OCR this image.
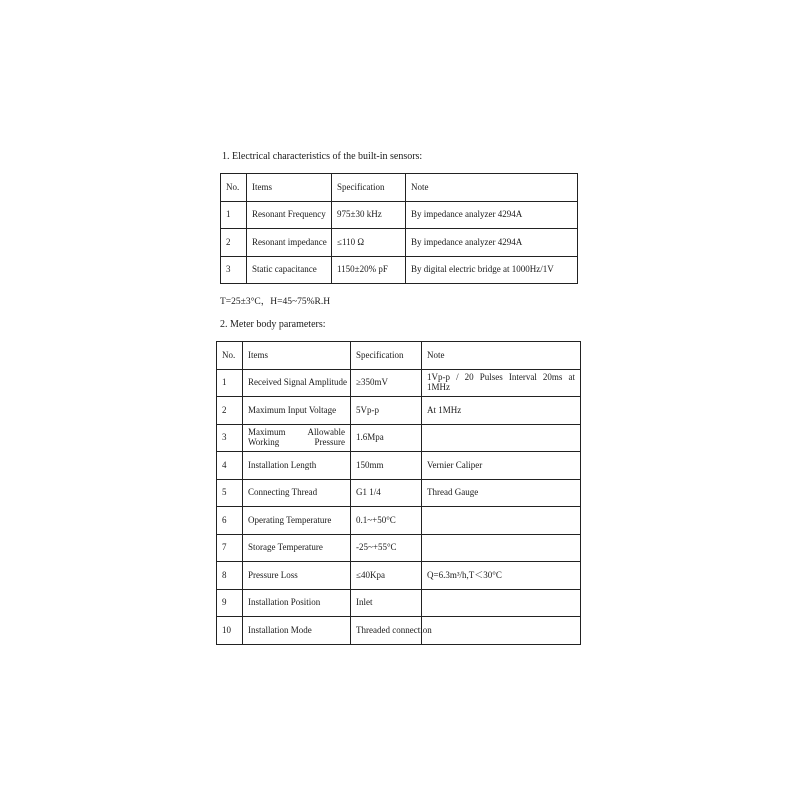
1. Electrical characteristics of the built-in sensors:
No.	Items	Specification	Note
1	Resonant Frequency	975±30 kHz	By impedance analyzer 4294A
2	Resonant impedance	≤110 Ω	By impedance analyzer 4294A
3	Static capacitance	1150±20% pF	By digital electric bridge at 1000Hz/1V
T=25±3°C，H=45~75%R.H
2. Meter body parameters:
No.	Items	Specification	Note
1	Received Signal Amplitude	≥350mV	1Vp-p / 20 Pulses Interval 20ms at 1MHz
2	Maximum Input Voltage	5Vp-p	At 1MHz
3	Maximum Allowable Working Pressure	1.6Mpa	
4	Installation Length	150mm	Vernier Caliper
5	Connecting Thread	G1 1/4	Thread Gauge
6	Operating Temperature	0.1~+50°C	
7	Storage Temperature	-25~+55°C	
8	Pressure Loss	≤40Kpa	Q=6.3m³/h,T＜30°C
9	Installation Position	Inlet	
10	Installation Mode	Threaded connection	
